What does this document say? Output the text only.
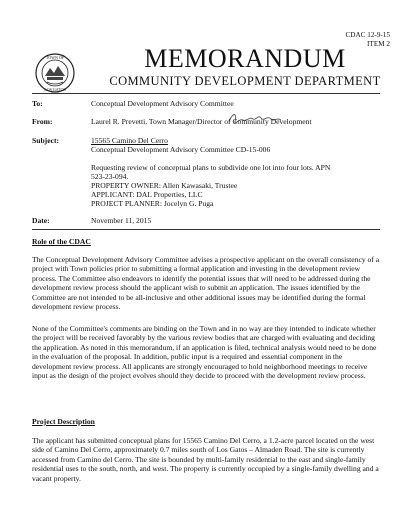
CDAC 12-9-15
ITEM 2
TOWN OF
LOS GATOS
MEMORANDUM
COMMUNITY DEVELOPMENT DEPARTMENT
To:	Conceptual Development Advisory Committee
From:	Laurel R. Prevetti, Town Manager/Director of Community Development
Subject:	15565 Camino Del Cerro
Conceptual Development Advisory Committee CD-15-006
Requesting review of conceptual plans to subdivide one lot into four lots. APN
523-23-094.
PROPERTY OWNER: Allen Kawasaki, Trustee
APPLICANT: DAL Properties, LLC
PROJECT PLANNER: Jocelyn G. Puga
Date:	November 11, 2015
Role of the CDAC
The Conceptual Development Advisory Committee advises a prospective applicant on the overall consistency of a project with Town policies prior to submitting a formal application and investing in the development review process. The Committee also endeavors to identify the potential issues that will need to be addressed during the development review process should the applicant wish to submit an application. The issues identified by the Committee are not intended to be all-inclusive and other additional issues may be identified during the formal development review process.
None of the Committee's comments are binding on the Town and in no way are they intended to indicate whether the project will be received favorably by the various review bodies that are charged with evaluating and deciding the application. As noted in this memorandum, if an application is filed, technical analysis would need to be done in the evaluation of the proposal. In addition, public input is a required and essential component in the development review process. All applicants are strongly encouraged to hold neighborhood meetings to receive input as the design of the project evolves should they decide to proceed with the development review process.
Project Description
The applicant has submitted conceptual plans for 15565 Camino Del Cerro, a 1.2-acre parcel located on the west side of Camino Del Cerro, approximately 0.7 miles south of Los Gatos – Almaden Road. The site is currently accessed from Camino del Cerro. The site is bounded by multi-family residential to the east and single-family residential uses to the south, north, and west. The property is currently occupied by a single-family dwelling and a vacant property.
